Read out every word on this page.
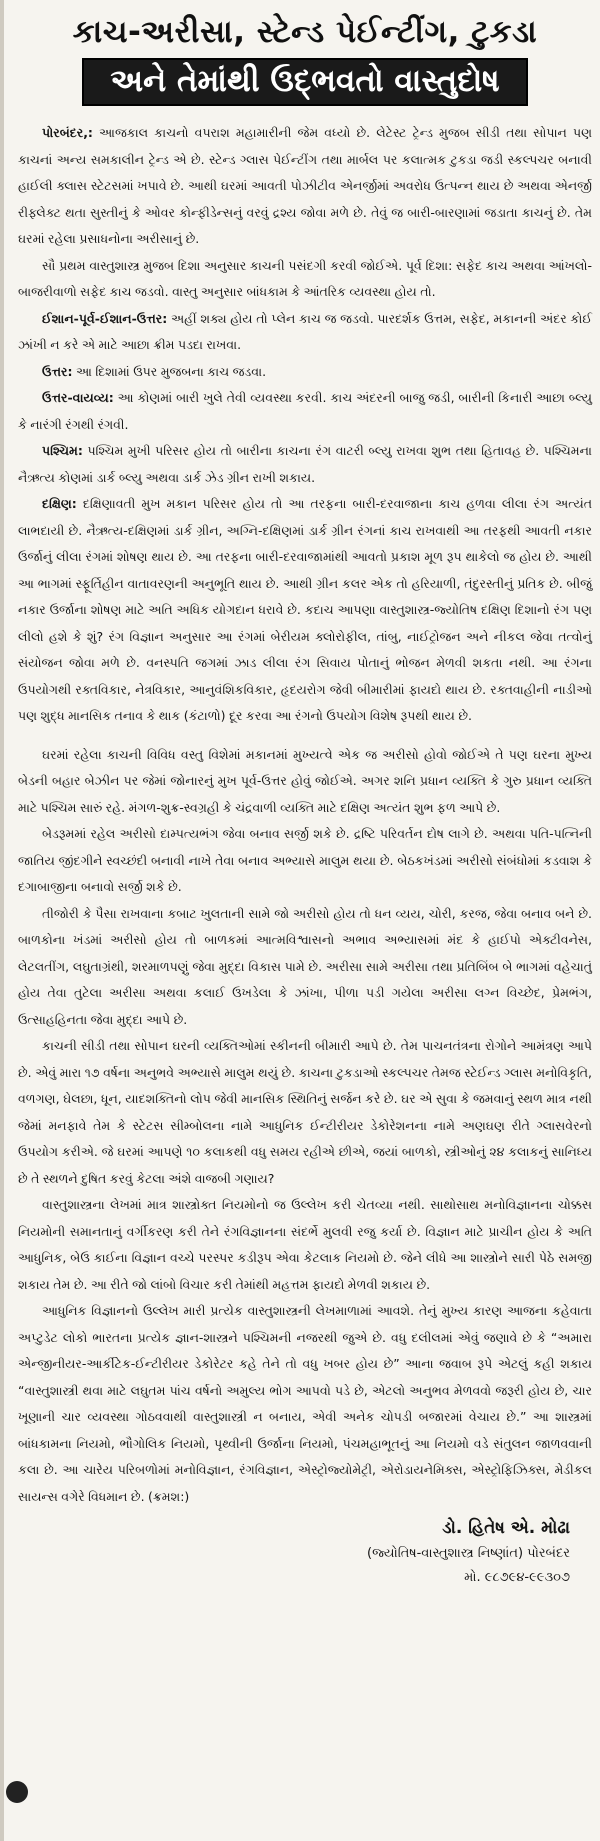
કાચ-અરીસા, સ્ટેન્ડ પેઈન્ટીંગ, ટુકડા
અને તેમાંથી ઉદ્‌ભવતો વાસ્તુદોષ

પોરબંદર,: આજકાલ કાચનો વપરાશ મહામારીની જેમ વધ્યો છે. લેટેસ્ટ ટ્રેન્ડ મુજબ સીડી તથા સોપાન પણ કાચનાં અન્ય સમકાલીન ટ્રેન્ડ એ છે. સ્ટેન્ડ ગ્લાસ પેઈન્ટીંગ તથા માર્બલ પર કલાત્મક ટુકડા જડી સ્કલ્પચર બનાવી હાઈલી ક્લાસ સ્ટેટસમાં ખપાવે છે. આથી ઘરમાં આવતી પોઝીટીવ એનર્જીમાં અવરોધ ઉત્પન્ન થાય છે અથવા એનર્જી રીફ્લેક્ટ થતા સુસ્તીનું કે ઓવર કોન્ફીડેન્સનું વરવું દ્રશ્ય જોવા મળે છે. તેવું જ બારી-બારણામાં જડાતા કાચનું છે. તેમ ઘરમાં રહેલા પ્રસાધનોના અરીસાનું છે.

સૌ પ્રથમ વાસ્તુશાસ્ત્ર મુજબ દિશા અનુસાર કાચની પસંદગી કરવી જોઈએ. પૂર્વ દિશા: સફેદ કાચ અથવા આંખલો-બાજરીવાળો સફેદ કાચ જડવો. વાસ્તુ અનુસાર બાંધકામ કે આંતરિક વ્યવસ્થા હોય તો.

ઈશાન-પૂર્વ-ઈશાન-ઉત્તર: અહીં શક્ય હોય તો પ્લેન કાચ જ જડવો. પારદર્શક ઉત્તમ, સફેદ, મકાનની અંદર કોઈ ઝાંખી ન કરે એ માટે આછા ક્રીમ પડદા રાખવા.

ઉત્તર: આ દિશામાં ઉપર મુજબના કાચ જડવા.

ઉત્તર-વાયવ્ય: આ કોણમાં બારી ખુલે તેવી વ્યવસ્થા કરવી. કાચ અંદરની બાજુ જડી, બારીની કિનારી આછા બ્લ્યુ કે નારંગી રંગથી રંગવી.

પશ્ચિમ: પશ્ચિમ મુખી પરિસર હોય તો બારીના કાચના રંગ વાટરી બ્લ્યુ રાખવા શુભ તથા હિતાવહ છે. પશ્ચિમના નૈઋત્ય કોણમાં ડાર્ક બ્લ્યુ અથવા ડાર્ક ઝેડ ગ્રીન રાખી શકાય.

દક્ષિણ: દક્ષિણાવતી મુખ મકાન પરિસર હોય તો આ તરફના બારી-દરવાજાના કાચ હળવા લીલા રંગ અત્યંત લાભદાયી છે. નૈઋત્ય-દક્ષિણમાં ડાર્ક ગ્રીન, અગ્નિ-દક્ષિણમાં ડાર્ક ગ્રીન રંગનાં કાચ રાખવાથી આ તરફથી આવતી નકાર ઉર્જાનું લીલા રંગમાં શોષણ થાય છે. આ તરફના બારી-દરવાજામાંથી આવતો પ્રકાશ મૂળ રૂપ થાકેલો જ હોય છે. આથી આ ભાગમાં સ્ફૂર્તિહીન વાતાવરણની અનુભૂતિ થાય છે. આથી ગ્રીન કલર એક તો હરિયાળી, તંદુરસ્તીનું પ્રતિક છે. બીજું નકાર ઉર્જાના શોષણ માટે અતિ અધિક યોગદાન ધરાવે છે. કદાચ આપણા વાસ્તુશાસ્ત્ર-જ્યોતિષ દક્ષિણ દિશાનો રંગ પણ લીલો હશે કે શું? રંગ વિજ્ઞાન અનુસાર આ રંગમાં બેરીયમ ક્લોરોફીલ, તાંબુ, નાઈટ્રોજન અને નીકલ જેવા તત્વોનું સંયોજન જોવા મળે છે. વનસ્પતિ જગમાં ઝાડ લીલા રંગ સિવાય પોતાનું ભોજન મેળવી શકતા નથી. આ રંગના ઉપયોગથી રક્તવિકાર, નેત્રવિકાર, આનુવંશિકવિકાર, હૃદયરોગ જેવી બીમારીમાં ફાયદો થાય છે. રક્તવાહીની નાડીઓ પણ શુદ્ધ માનસિક તનાવ કે થાક (કંટાળો) દૂર કરવા આ રંગનો ઉપયોગ વિશેષ રૂપથી થાય છે.

ઘરમાં રહેલા કાચની વિવિધ વસ્તુ વિશેમાં મકાનમાં મુખ્યત્વે એક જ અરીસો હોવો જોઈએ તે પણ ઘરના મુખ્ય બેડની બહાર બેઝીન પર જેમાં જોનારનું મુખ પૂર્વ-ઉત્તર હોવું જોઈએ. અગર શનિ પ્રધાન વ્યક્તિ કે ગુરુ પ્રધાન વ્યક્તિ માટે પશ્ચિમ સારું રહે. મંગળ-શુક્ર-સ્વગ્રહી કે ચંદ્રવાળી વ્યક્તિ માટે દક્ષિણ અત્યંત શુભ ફળ આપે છે.

બેડરૂમમાં રહેલ અરીસો દામ્પત્યભંગ જેવા બનાવ સર્જી શકે છે. દ્રષ્ટિ પરિવર્તન દોષ લાગે છે. અથવા પતિ-પત્નિની જાતિય જીંદગીને સ્વચ્છંદી બનાવી નાખે તેવા બનાવ અભ્યાસે માલુમ થયા છે. બેઠકખંડમાં અરીસો સંબંધોમાં કડવાશ કે દગાબાજીના બનાવો સર્જી શકે છે.

તીજોરી કે પૈસા રાખવાના કબાટ ખુલતાની સામે જો અરીસો હોય તો ધન વ્યય, ચોરી, કરજ, જેવા બનાવ બને છે. બાળકોના ખંડમાં અરીસો હોય તો બાળકમાં આત્મવિશ્વાસનો અભાવ અભ્યાસમાં મંદ કે હાઈપો એક્ટીવનેસ, લેટલતીંગ, લઘુતાગ્રંથી, શરમાળપણું જેવા મુદ્દા વિકાસ પામે છે. અરીસા સામે અરીસા તથા પ્રતિબિંબ બે ભાગમાં વહેચાતું હોય તેવા તુટેલા અરીસા અથવા કલાઈ ઉખડેલા કે ઝાંખા, પીળા પડી ગયેલા અરીસા લગ્ન વિચ્છેદ, પ્રેમભંગ, ઉત્સાહહિનતા જેવા મુદ્દા આપે છે.

કાચની સીડી તથા સોપાન ઘરની વ્યક્તિઓમાં સ્કીનની બીમારી આપે છે. તેમ પાચનતંત્રના રોગોને આમંત્રણ આપે છે. એવું મારા ૧૭ વર્ષના અનુભવે અભ્યાસે માલુમ થયું છે. કાચના ટુકડાઓ સ્કલ્પચર તેમજ સ્ટેઈન્ડ ગ્લાસ મનોવિકૃતિ, વળગણ, ઘેલછા, ધૂન, યાદશક્તિનો લોપ જેવી માનસિક સ્થિતિનું સર્જન કરે છે. ઘર એ સુવા કે જમવાનું સ્થળ માત્ર નથી જેમાં મનફાવે તેમ કે સ્ટેટસ સીમ્બોલના નામે આધુનિક ઈન્ટીરીયર ડેકોરેશનના નામે અણઘણ રીતે ગ્લાસવેરનો ઉપયોગ કરીએ. જે ઘરમાં આપણે ૧૦ કલાકથી વધુ સમય રહીએ છીએ, જયાં બાળકો, સ્ત્રીઓનું ૨૪ કલાકનું સાનિધ્ય છે તે સ્થળને દુષિત કરવું કેટલા અંશે વાજબી ગણાય?

વાસ્તુશાસ્ત્રના લેખમાં માત્ર શાસ્ત્રોક્ત નિયમોનો જ ઉલ્લેખ કરી ચેતવ્યા નથી. સાથોસાથ મનોવિજ્ઞાનના ચોક્કસ નિયમોની સમાનતાનું વર્ગીકરણ કરી તેને રંગવિજ્ઞાનના સંદર્ભે મુલવી રજુ કર્યા છે. વિજ્ઞાન માટે પ્રાચીન હોય કે અતિ આધુનિક, બેઉ કાઈના વિજ્ઞાન વચ્ચે પરસ્પર કડીરૂપ એવા કેટલાક નિયમો છે. જેને લીધે આ શાસ્ત્રોને સારી પેઠે સમજી શકાય તેમ છે. આ રીતે જો લાંબો વિચાર કરી તેમાંથી મહત્તમ ફાયદો મેળવી શકાય છે.

આધુનિક વિજ્ઞાનનો ઉલ્લેખ મારી પ્રત્યેક વાસ્તુશાસ્ત્રની લેખમાળામાં આવશે. તેનું મુખ્ય કારણ આજના કહેવાતા અપ્ટુડેટ લોકો ભારતના પ્રત્યેક જ્ઞાન-શાસ્ત્રને પશ્ચિમની નજરથી જુએ છે. વધુ દલીલમાં એવું જણાવે છે કે “અમારા એન્જીનીયર-આર્કીટેક-ઈન્ટીરીયર ડેકોરેટર કહે તેને તો વધુ ખબર હોય છે” આના જવાબ રૂપે એટલું કહી શકાય “વાસ્તુશાસ્ત્રી થવા માટે લઘુતમ પાંચ વર્ષનો અમુલ્ય ભોગ આપવો પડે છે, એટલો અનુભવ મેળવવો જરૂરી હોય છે, ચાર ખૂણાની ચાર વ્યવસ્થા ગોઠવવાથી વાસ્તુશાસ્ત્રી ન બનાય, એવી અનેક ચોપડી બજારમાં વેચાય છે.” આ શાસ્ત્રમાં બાંધકામના નિયમો, ભૌગોલિક નિયમો, પૃથ્વીની ઉર્જાના નિયમો, પંચમહાભૂતનું આ નિયમો વડે સંતુલન જાળવવાની કલા છે. આ ચારેય પરિબળોમાં મનોવિજ્ઞાન, રંગવિજ્ઞાન, એસ્ટ્રોજ્યોમેટ્રી, એરોડાયનેમિક્સ, એસ્ટ્રોફિઝિક્સ, મેડીકલ સાયન્સ વગેરે વિધમાન છે. (ક્રમશ:)

ડો. હિતેષ એ. મોઢા
(જ્યોતિષ-વાસ્તુશાસ્ત્ર નિષ્ણાંત) પોરબંદર
મો. ૯૮૭૯૪-૯૯૩૦૭
